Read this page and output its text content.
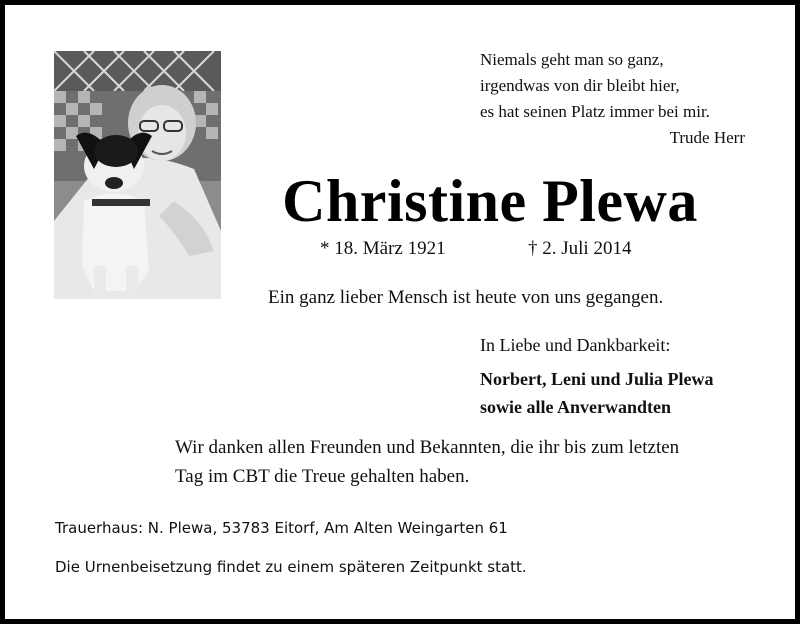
Niemals geht man so ganz,
irgendwas von dir bleibt hier,
es hat seinen Platz immer bei mir.
Trude Herr
Christine Plewa
* 18. März 1921	† 2. Juli 2014
Ein ganz lieber Mensch ist heute von uns gegangen.
In Liebe und Dankbarkeit:
Norbert, Leni und Julia Plewa
sowie alle Anverwandten
Wir danken allen Freunden und Bekannten, die ihr bis zum letzten
Tag im CBT die Treue gehalten haben.
Trauerhaus: N. Plewa, 53783 Eitorf, Am Alten Weingarten 61
Die Urnenbeisetzung findet zu einem späteren Zeitpunkt statt.
